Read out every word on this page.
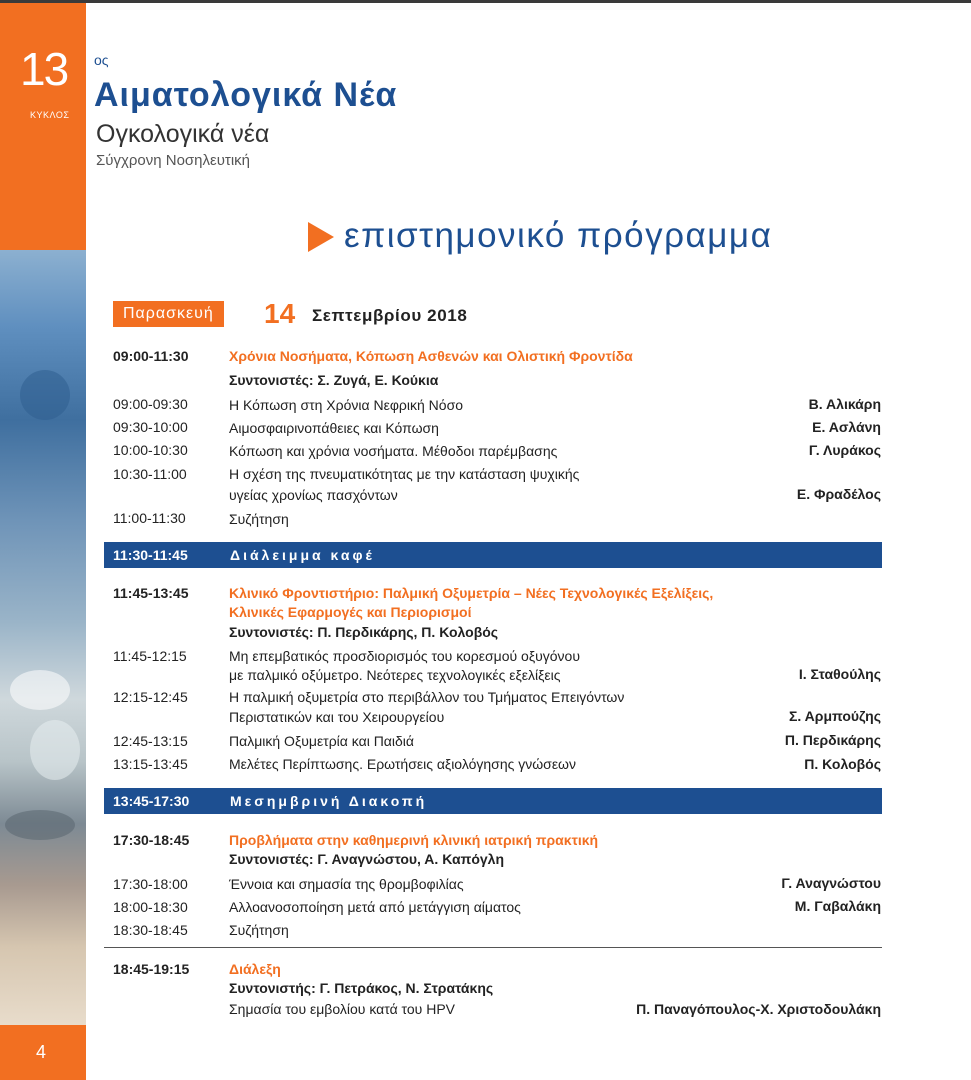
13
ΚΥΚΛΟΣ
4
ος
Αιματολογικά Νέα
Ογκολογικά νέα
Σύγχρονη Νοσηλευτική
επιστημονικό πρόγραμμα
Παρασκευή	14 Σεπτεμβρίου 2018
09:00-11:30	Χρόνια Νοσήματα, Κόπωση Ασθενών και Ολιστική Φροντίδα
Συντονιστές: Σ. Ζυγά, Ε. Κούκια
09:00-09:30	Η Κόπωση στη Χρόνια Νεφρική Νόσο	Β. Αλικάρη
09:30-10:00	Αιμοσφαιρινοπάθειες και Κόπωση	Ε. Ασλάνη
10:00-10:30	Κόπωση και χρόνια νοσήματα. Μέθοδοι παρέμβασης	Γ. Λυράκος
10:30-11:00	Η σχέση της πνευματικότητας με την κατάσταση ψυχικής
υγείας χρονίως πασχόντων	Ε. Φραδέλος
11:00-11:30	Συζήτηση
11:30-11:45	Διάλειμμα καφέ
11:45-13:45	Κλινικό Φροντιστήριο: Παλμική Οξυμετρία – Νέες Τεχνολογικές Εξελίξεις,
Κλινικές Εφαρμογές και Περιορισμοί
Συντονιστές: Π. Περδικάρης, Π. Κολοβός
11:45-12:15	Μη επεμβατικός προσδιορισμός του κορεσμού οξυγόνου
με παλμικό οξύμετρο. Νεότερες τεχνολογικές εξελίξεις	Ι. Σταθούλης
12:15-12:45	Η παλμική οξυμετρία στο περιβάλλον του Τμήματος Επειγόντων
Περιστατικών και του Χειρουργείου	Σ. Αρμπούζης
12:45-13:15	Παλμική Οξυμετρία και Παιδιά	Π. Περδικάρης
13:15-13:45	Μελέτες Περίπτωσης. Ερωτήσεις αξιολόγησης γνώσεων	Π. Κολοβός
13:45-17:30	Μεσημβρινή Διακοπή
17:30-18:45	Προβλήματα στην καθημερινή κλινική ιατρική πρακτική
Συντονιστές: Γ. Αναγνώστου, Α. Καπόγλη
17:30-18:00	Έννοια και σημασία της θρομβοφιλίας	Γ. Αναγνώστου
18:00-18:30	Αλλοανοσοποίηση μετά από μετάγγιση αίματος	Μ. Γαβαλάκη
18:30-18:45	Συζήτηση
18:45-19:15	Διάλεξη
Συντονιστής: Γ. Πετράκος, Ν. Στρατάκης
Σημασία του εμβολίου κατά του HPV	Π. Παναγόπουλος-Χ. Χριστοδουλάκη
